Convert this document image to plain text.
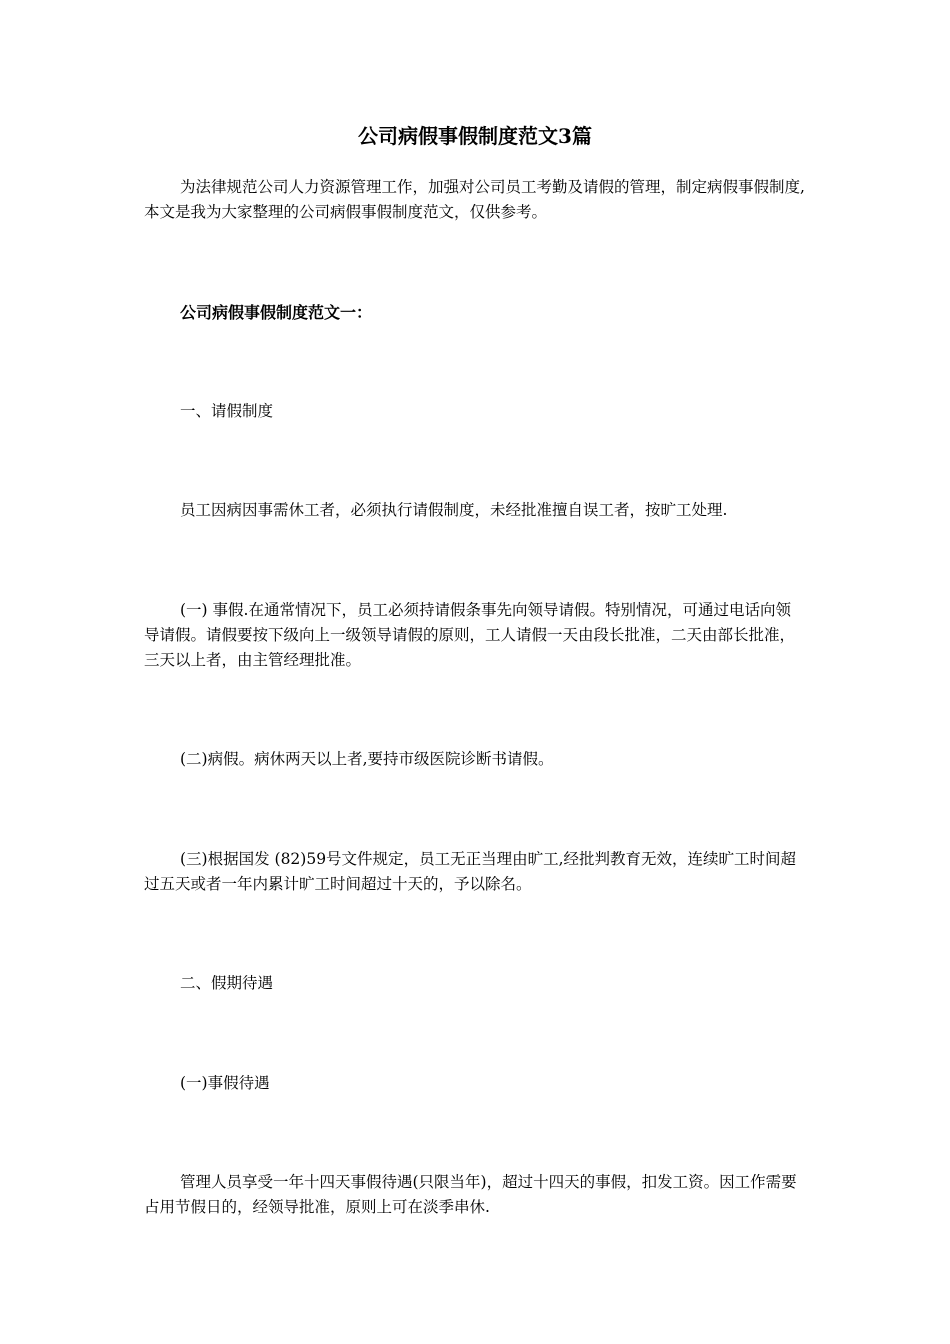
公司病假事假制度范文3篇

为法律规范公司人力资源管理工作，加强对公司员工考勤及请假的管理，制定病假事假制度,本文是我为大家整理的公司病假事假制度范文，仅供参考。

公司病假事假制度范文一：

一、请假制度

员工因病因事需休工者，必须执行请假制度，未经批准擅自误工者，按旷工处理.

(一) 事假.在通常情况下，员工必须持请假条事先向领导请假。特别情况，可通过电话向领导请假。请假要按下级向上一级领导请假的原则，工人请假一天由段长批准，二天由部长批准，三天以上者，由主管经理批准。

(二)病假。病休两天以上者,要持市级医院诊断书请假。

(三)根据国发 (82)59号文件规定，员工无正当理由旷工,经批判教育无效，连续旷工时间超过五天或者一年内累计旷工时间超过十天的，予以除名。

二、假期待遇

(一)事假待遇

管理人员享受一年十四天事假待遇(只限当年)，超过十四天的事假，扣发工资。因工作需要占用节假日的，经领导批准，原则上可在淡季串休.
